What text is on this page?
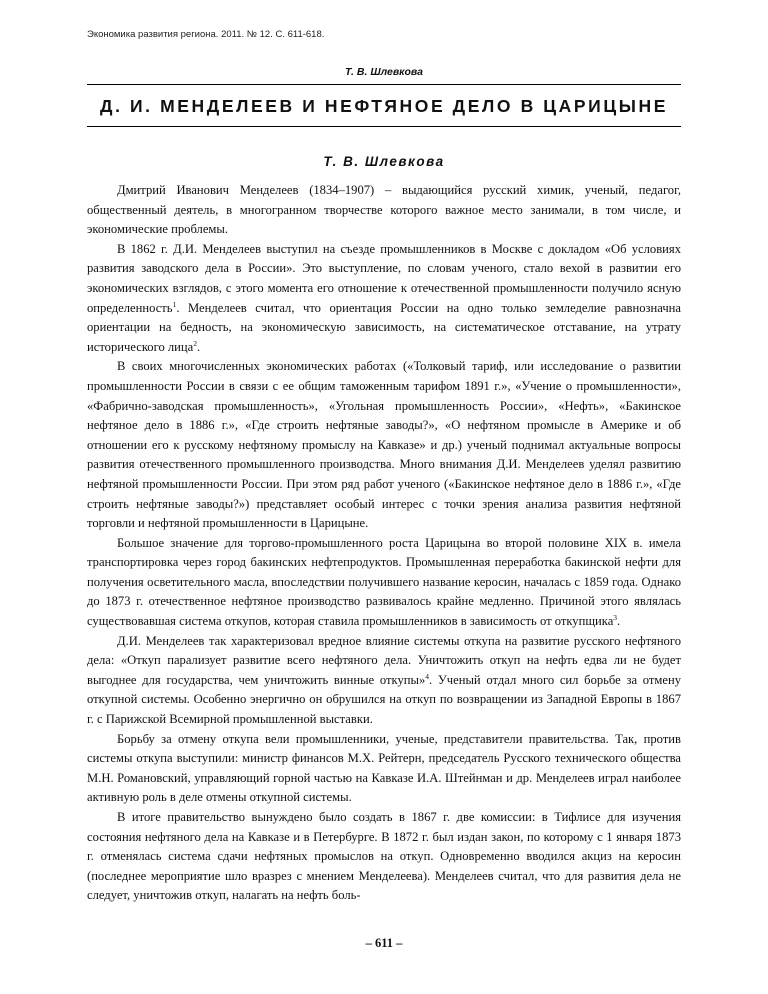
Экономика развития региона. 2011. № 12. С. 611-618.
Т. В. Шлевкова
Д. И. МЕНДЕЛЕЕВ И НЕФТЯНОЕ ДЕЛО В ЦАРИЦЫНЕ
Т. В. Шлевкова

Дмитрий Иванович Менделеев (1834–1907) – выдающийся русский химик, ученый, педагог, общественный деятель, в многогранном творчестве которого важное место занимали, в том числе, и экономические проблемы.

В 1862 г. Д.И. Менделеев выступил на съезде промышленников в Москве с докладом «Об условиях развития заводского дела в России». Это выступление, по словам ученого, стало вехой в развитии его экономических взглядов, с этого момента его отношение к отечественной промышленности получило ясную определенность$^1$. Менделеев считал, что ориентация России на одно только земледелие равнозначна ориентации на бедность, на экономическую зависимость, на систематическое отставание, на утрату исторического лица$^2$.

В своих многочисленных экономических работах («Толковый тариф, или исследование о развитии промышленности России в связи с ее общим таможенным тарифом 1891 г.», «Учение о промышленности», «Фабрично-заводская промышленность», «Угольная промышленность России», «Нефть», «Бакинское нефтяное дело в 1886 г.», «Где строить нефтяные заводы?», «О нефтяном промысле в Америке и об отношении его к русскому нефтяному промыслу на Кавказе» и др.) ученый поднимал актуальные вопросы развития отечественного промышленного производства. Много внимания Д.И. Менделеев уделял развитию нефтяной промышленности России. При этом ряд работ ученого («Бакинское нефтяное дело в 1886 г.», «Где строить нефтяные заводы?») представляет особый интерес с точки зрения анализа развития нефтяной торговли и нефтяной промышленности в Царицыне.

Большое значение для торгово-промышленного роста Царицына во второй половине XIX в. имела транспортировка через город бакинских нефтепродуктов. Промышленная переработка бакинской нефти для получения осветительного масла, впоследствии получившего название керосин, началась с 1859 года. Однако до 1873 г. отечественное нефтяное производство развивалось крайне медленно. Причиной этого являлась существовавшая система откупов, которая ставила промышленников в зависимость от откупщика$^3$.

Д.И. Менделеев так характеризовал вредное влияние системы откупа на развитие русского нефтяного дела: «Откуп парализует развитие всего нефтяного дела. Уничтожить откуп на нефть едва ли не будет выгоднее для государства, чем уничтожить винные откупы»$^4$. Ученый отдал много сил борьбе за отмену откупной системы. Особенно энергично он обрушился на откуп по возвращении из Западной Европы в 1867 г. с Парижской Всемирной промышленной выставки.

Борьбу за отмену откупа вели промышленники, ученые, представители правительства. Так, против системы откупа выступили: министр финансов М.Х. Рейтерн, председатель Русского технического общества М.Н. Романовский, управляющий горной частью на Кавказе И.А. Штейнман и др. Менделеев играл наиболее активную роль в деле отмены откупной системы.

В итоге правительство вынуждено было создать в 1867 г. две комиссии: в Тифлисе для изучения состояния нефтяного дела на Кавказе и в Петербурге. В 1872 г. был издан закон, по которому с 1 января 1873 г. отменялась система сдачи нефтяных промыслов на откуп. Одновременно вводился акциз на керосин (последнее мероприятие шло вразрез с мнением Менделеева). Менделеев считал, что для развития дела не следует, уничтожив откуп, налагать на нефть боль-

– 611 –
